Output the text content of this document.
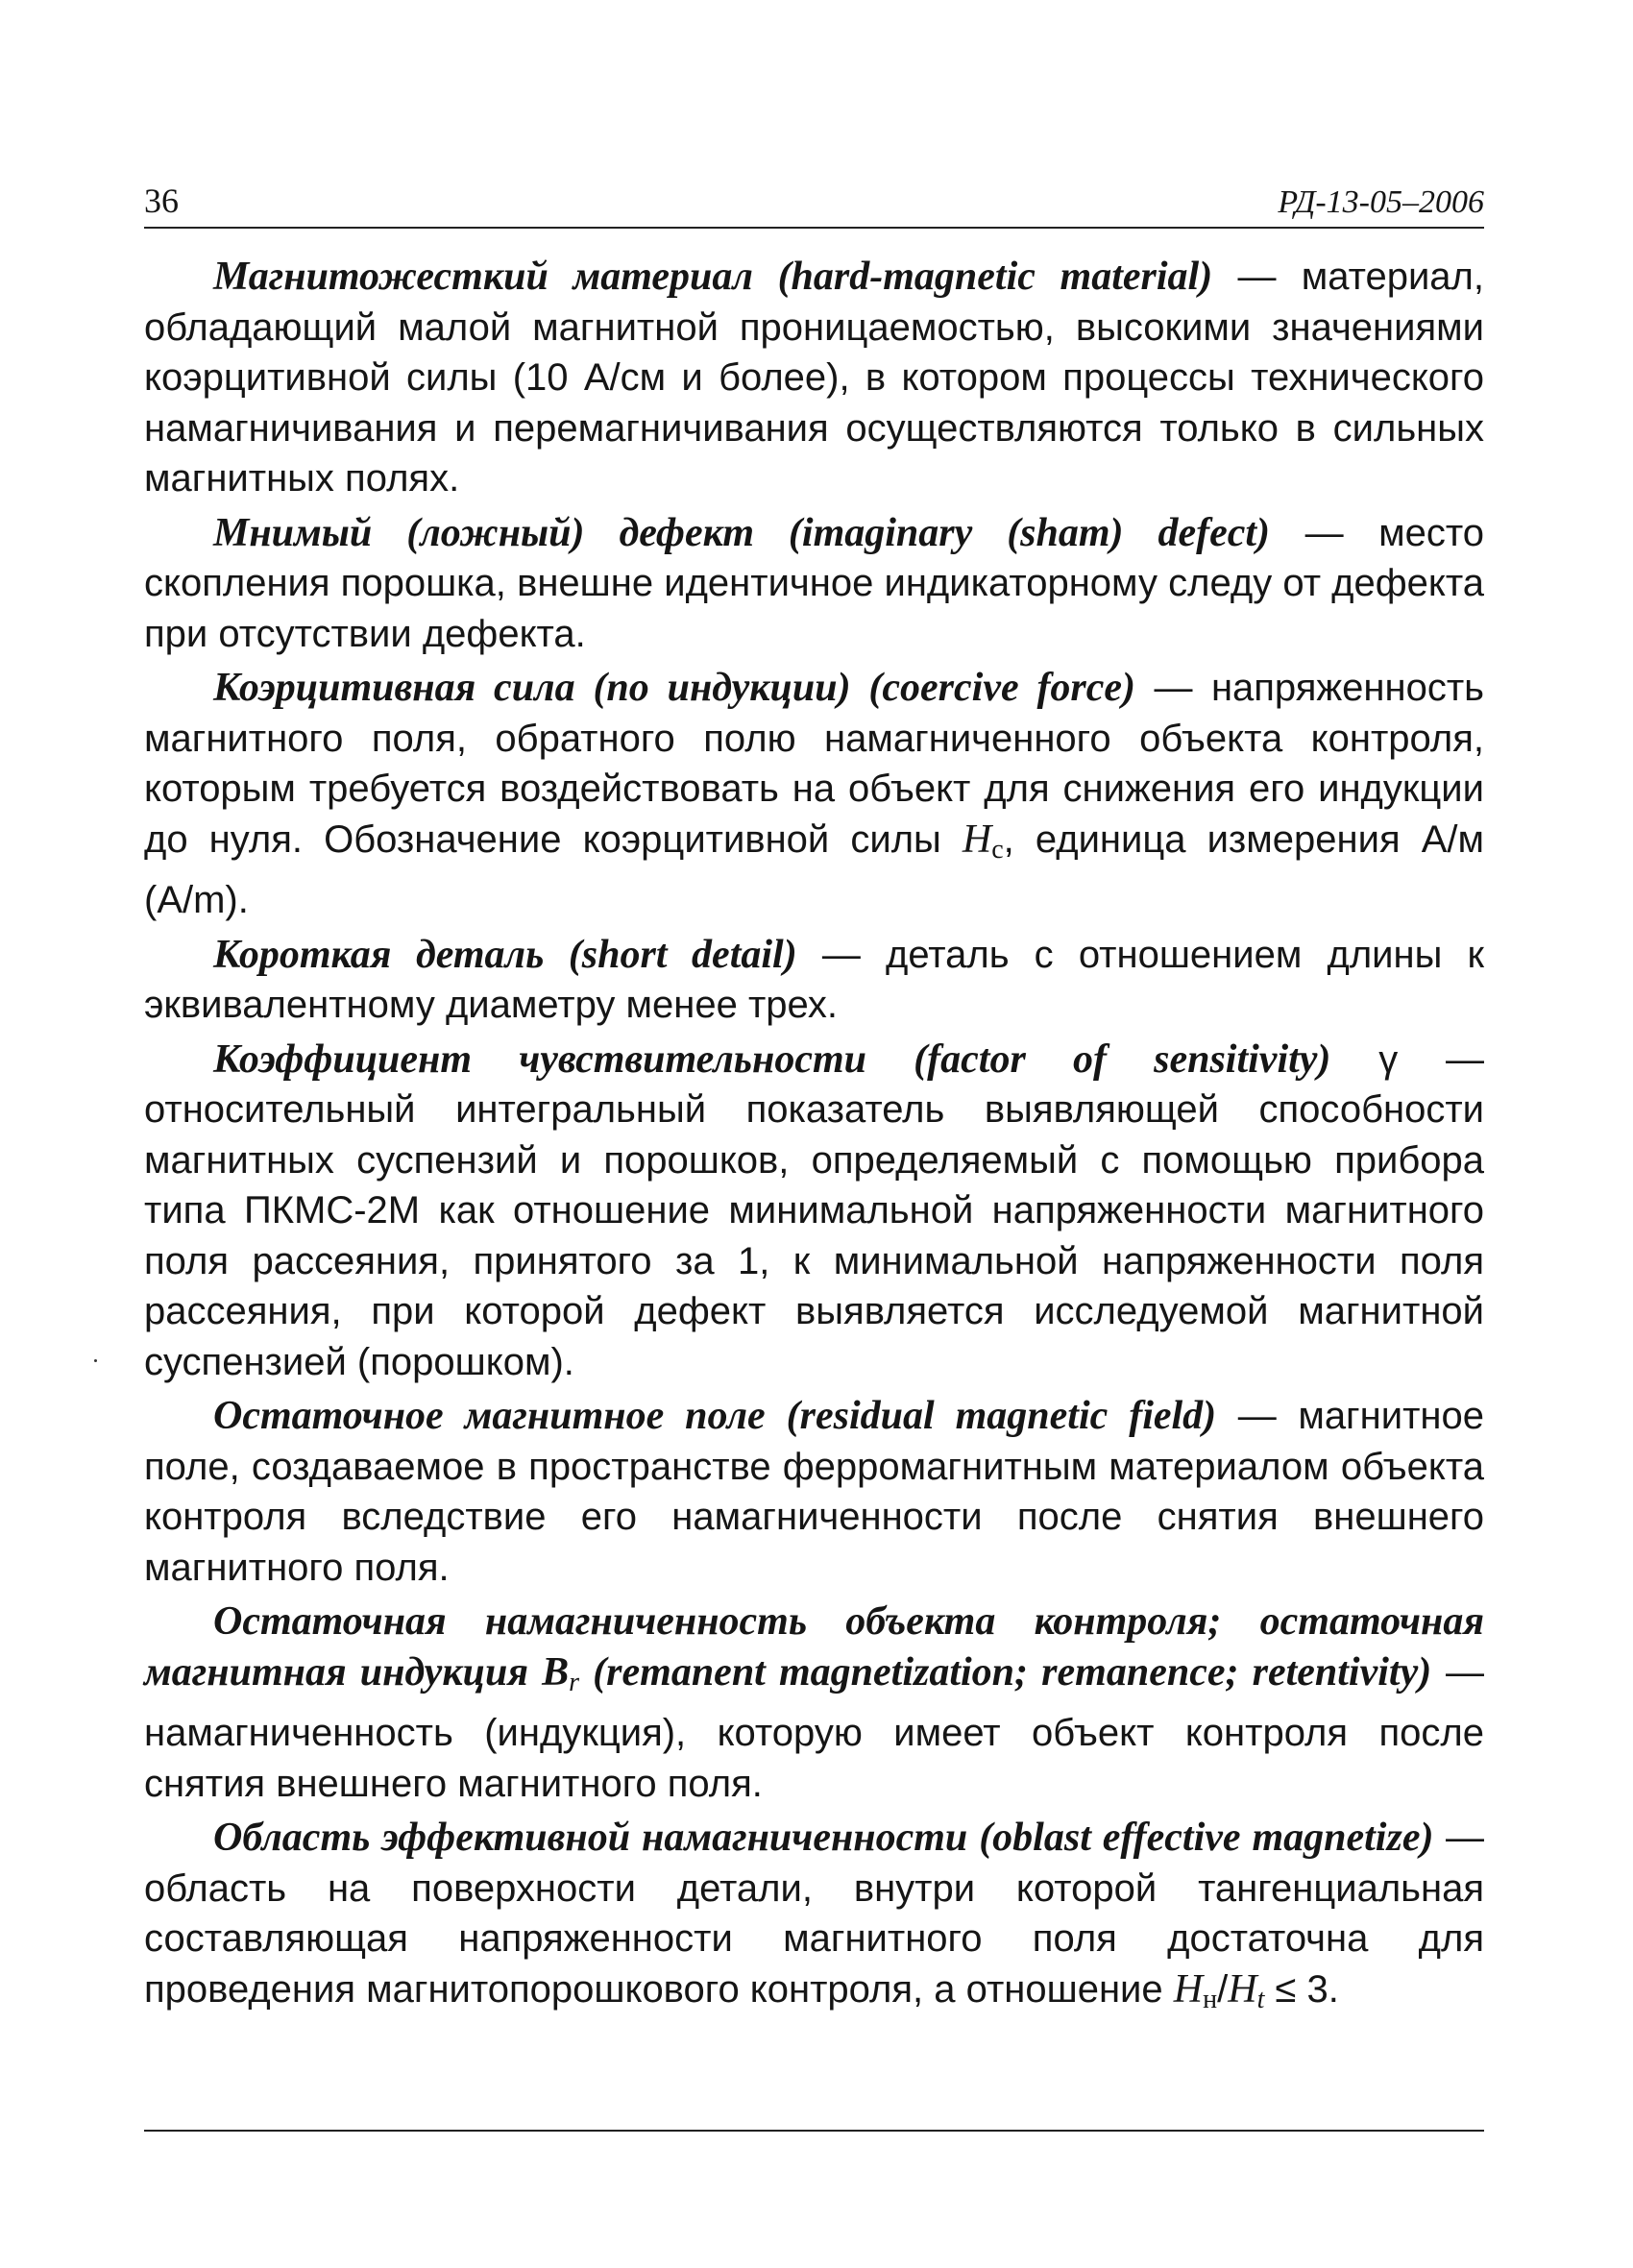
36	РД-13-05–2006

Магнитожесткий материал (hard-magnetic material) — материал, обладающий малой магнитной проницаемостью, высокими значениями коэрцитивной силы (10 А/см и более), в котором процессы технического намагничивания и перемагничивания осуществляются только в сильных магнитных полях.

Мнимый (ложный) дефект (imaginary (sham) defect) — место скопления порошка, внешне идентичное индикаторному следу от дефекта при отсутствии дефекта.

Коэрцитивная сила (по индукции) (coercive force) — напряженность магнитного поля, обратного полю намагниченного объекта контроля, которым требуется воздействовать на объект для снижения его индукции до нуля. Обозначение коэрцитивной силы $H_c$, единица измерения А/м (A/m).

Короткая деталь (short detail) — деталь с отношением длины к эквивалентному диаметру менее трех.

Коэффициент чувствительности (factor of sensitivity) γ — относительный интегральный показатель выявляющей способности магнитных суспензий и порошков, определяемый с помощью прибора типа ПКМС-2М как отношение минимальной напряженности магнитного поля рассеяния, принятого за 1, к минимальной напряженности поля рассеяния, при которой дефект выявляется исследуемой магнитной суспензией (порошком).

Остаточное магнитное поле (residual magnetic field) — магнитное поле, создаваемое в пространстве ферромагнитным материалом объекта контроля вследствие его намагниченности после снятия внешнего магнитного поля.

Остаточная намагниченность объекта контроля; остаточная магнитная индукция Br (remanent magnetization; remanence; retentivity) — намагниченность (индукция), которую имеет объект контроля после снятия внешнего магнитного поля.

Область эффективной намагниченности (oblast effective magnetize) — область на поверхности детали, внутри которой тангенциальная составляющая напряженности магнитного поля достаточна для проведения магнитопорошкового контроля, а отношение $H_н/Ht \le 3$.
